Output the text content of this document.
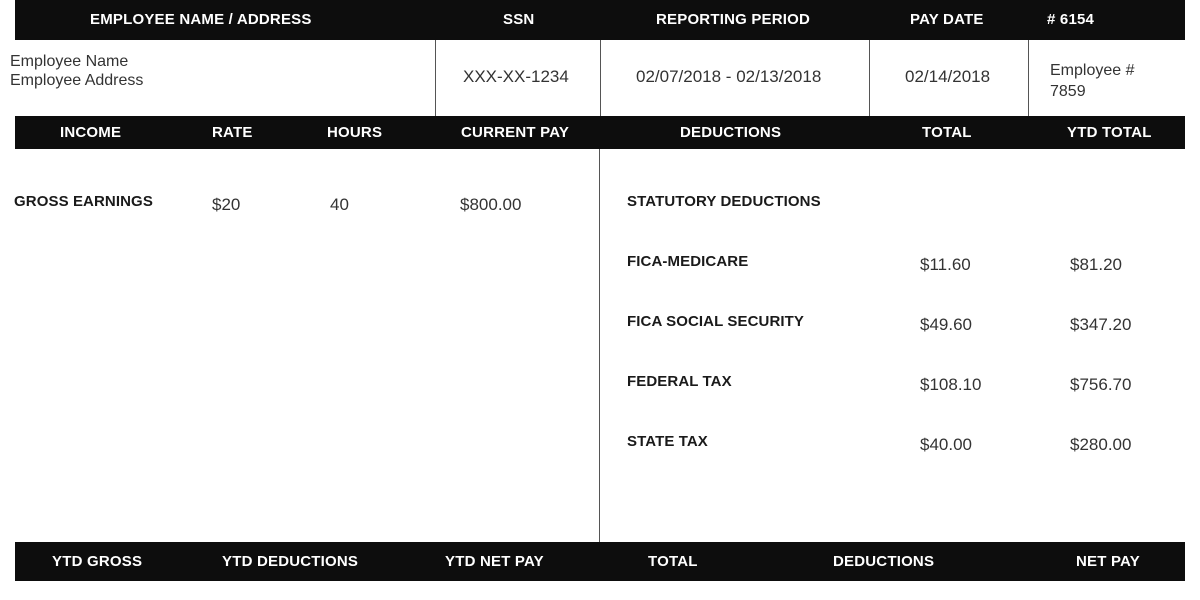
EMPLOYEE NAME / ADDRESS	SSN	REPORTING PERIOD	PAY DATE	# 6154
Employee Name
Employee Address	XXX-XX-1234	02/07/2018 - 02/13/2018	02/14/2018	Employee #
7859
INCOME	RATE	HOURS	CURRENT PAY	DEDUCTIONS	TOTAL	YTD TOTAL
GROSS EARNINGS	$20	40	$800.00	STATUTORY DEDUCTIONS
FICA-MEDICARE	$11.60	$81.20
FICA SOCIAL SECURITY	$49.60	$347.20
FEDERAL TAX	$108.10	$756.70
STATE TAX	$40.00	$280.00
YTD GROSS	YTD DEDUCTIONS	YTD NET PAY	TOTAL	DEDUCTIONS	NET PAY
